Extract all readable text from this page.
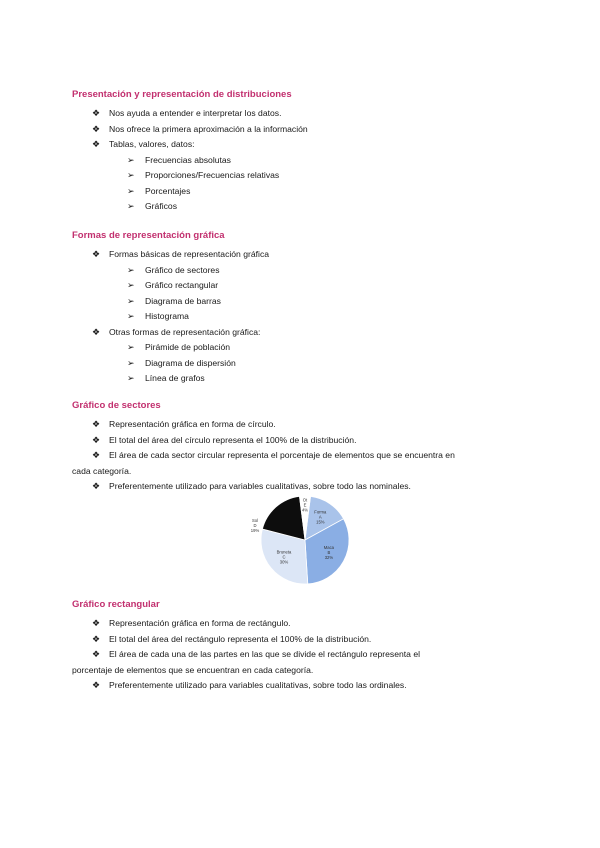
Presentación y representación de distribuciones
❖ Nos ayuda a entender e interpretar los datos.
❖ Nos ofrece la primera aproximación a la información
❖ Tablas, valores, datos:
➢ Frecuencias absolutas
➢ Proporciones/Frecuencias relativas
➢ Porcentajes
➢ Gráficos
Formas de representación gráfica
❖ Formas básicas de representación gráfica
➢ Gráfico de sectores
➢ Gráfico rectangular
➢ Diagrama de barras
➢ Histograma
❖ Otras formas de representación gráfica:
➢ Pirámide de población
➢ Diagrama de dispersión
➢ Línea de grafos
Gráfico de sectores
❖ Representación gráfica en forma de círculo.
❖ El total del área del círculo representa el 100% de la distribución.
❖ El área de cada sector circular representa el porcentaje de elementos que se encuentra en
cada categoría.
❖ Preferentemente utilizado para variables cualitativas, sobre todo las nominales.
Forma A 15%
Maca B 32%
Bruneta C 30%
Sol D 19%
Ot E 4%
Gráfico rectangular
❖ Representación gráfica en forma de rectángulo.
❖ El total del área del rectángulo representa el 100% de la distribución.
❖ El área de cada una de las partes en las que se divide el rectángulo representa el
porcentaje de elementos que se encuentran en cada categoría.
❖ Preferentemente utilizado para variables cualitativas, sobre todo las ordinales.
